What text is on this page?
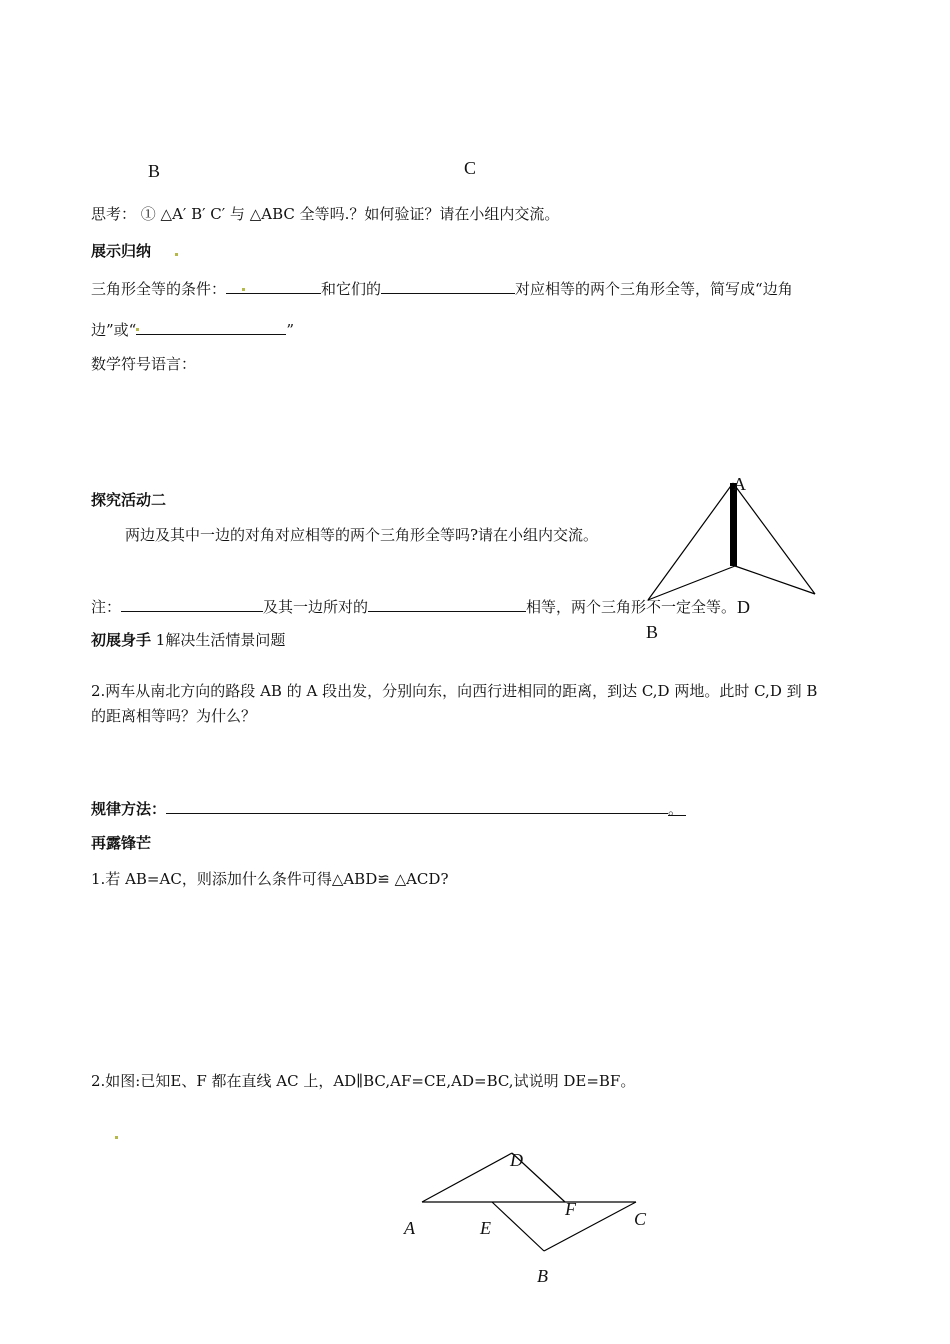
B	C
思考： ① △A′ B′ C′ 与 △ABC 全等吗.？如何验证？请在小组内交流。
展示归纳
三角形全等的条件：	和它们的	对应相等的两个三角形全等，简写成“边角
边”或“	”
数学符号语言：
探究活动二
两边及其中一边的对角对应相等的两个三角形全等吗?请在小组内交流。
注：	及其一边所对的	相等，两个三角形不一定全等。
A
D
B
初展身手 1解决生活情景问题
2.两车从南北方向的路段 AB 的 A 段出发，分别向东，向西行进相同的距离，到达 C,D 两地。此时 C,D 到 B
的距离相等吗？为什么？
规律方法：	。
再露锋芒
1.若 AB=AC，则添加什么条件可得△ABD≌ △ACD?
2.如图:已知E、F 都在直线 AC 上，AD∥BC,AF=CE,AD=BC,试说明 DE=BF。
D
F	C
A	E
B
